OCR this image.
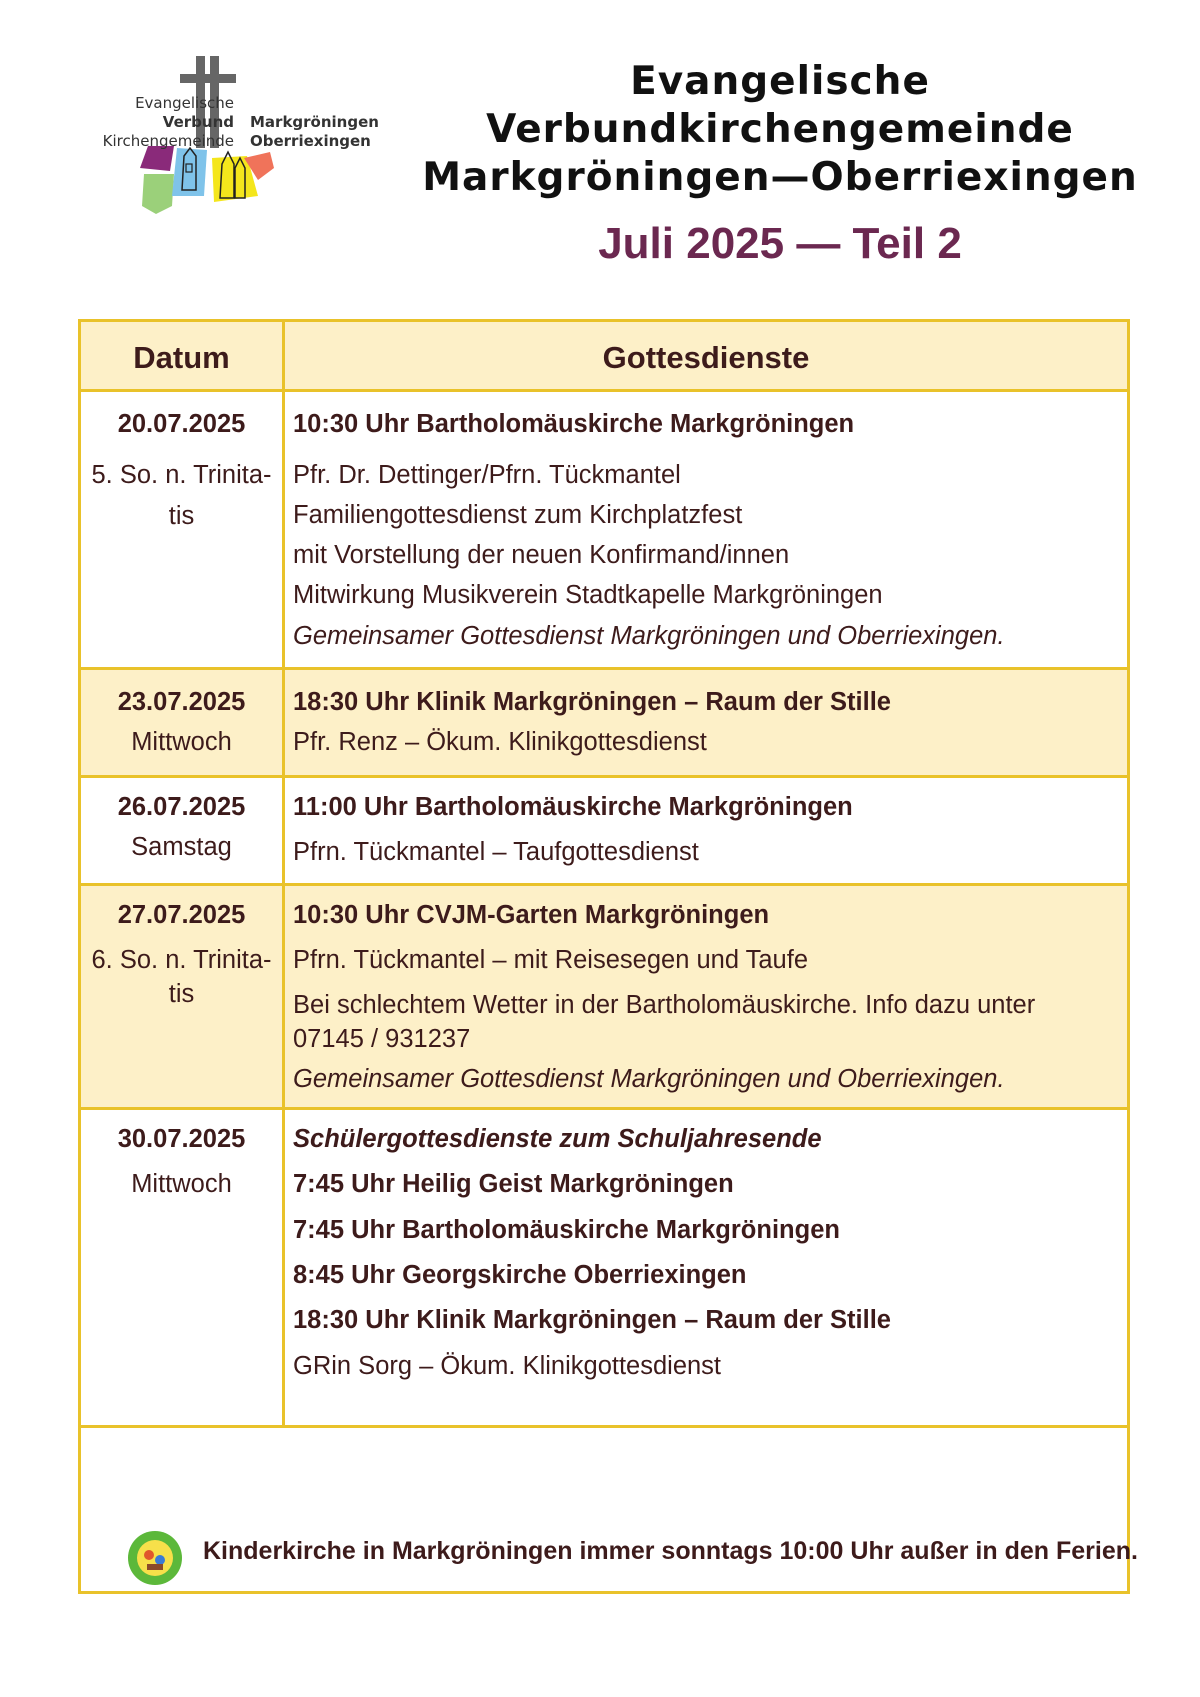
Evangelische
Verbund
Kirchengemeinde
Markgröningen
Oberriexingen
Evangelische
Verbundkirchengemeinde
Markgröningen—Oberriexingen
Juli 2025 — Teil 2
Datum	Gottesdienste
20.07.2025
5. So. n. Trinita-
tis
10:30 Uhr Bartholomäuskirche Markgröningen
Pfr. Dr. Dettinger/Pfrn. Tückmantel
Familiengottesdienst zum Kirchplatzfest
mit Vorstellung der neuen Konfirmand/innen
Mitwirkung Musikverein Stadtkapelle Markgröningen
Gemeinsamer Gottesdienst Markgröningen und Oberriexingen.
23.07.2025
Mittwoch
18:30 Uhr Klinik Markgröningen – Raum der Stille
Pfr. Renz – Ökum. Klinikgottesdienst
26.07.2025
Samstag
11:00 Uhr Bartholomäuskirche Markgröningen
Pfrn. Tückmantel – Taufgottesdienst
27.07.2025
6. So. n. Trinita-
tis
10:30 Uhr CVJM-Garten Markgröningen
Pfrn. Tückmantel – mit Reisesegen und Taufe
Bei schlechtem Wetter in der Bartholomäuskirche. Info dazu unter
07145 / 931237
Gemeinsamer Gottesdienst Markgröningen und Oberriexingen.
30.07.2025
Mittwoch
Schülergottesdienste zum Schuljahresende
7:45 Uhr Heilig Geist Markgröningen
7:45 Uhr Bartholomäuskirche Markgröningen
8:45 Uhr Georgskirche Oberriexingen
18:30 Uhr Klinik Markgröningen – Raum der Stille
GRin Sorg – Ökum. Klinikgottesdienst
Kinderkirche in Markgröningen immer sonntags 10:00 Uhr außer in den Ferien.
